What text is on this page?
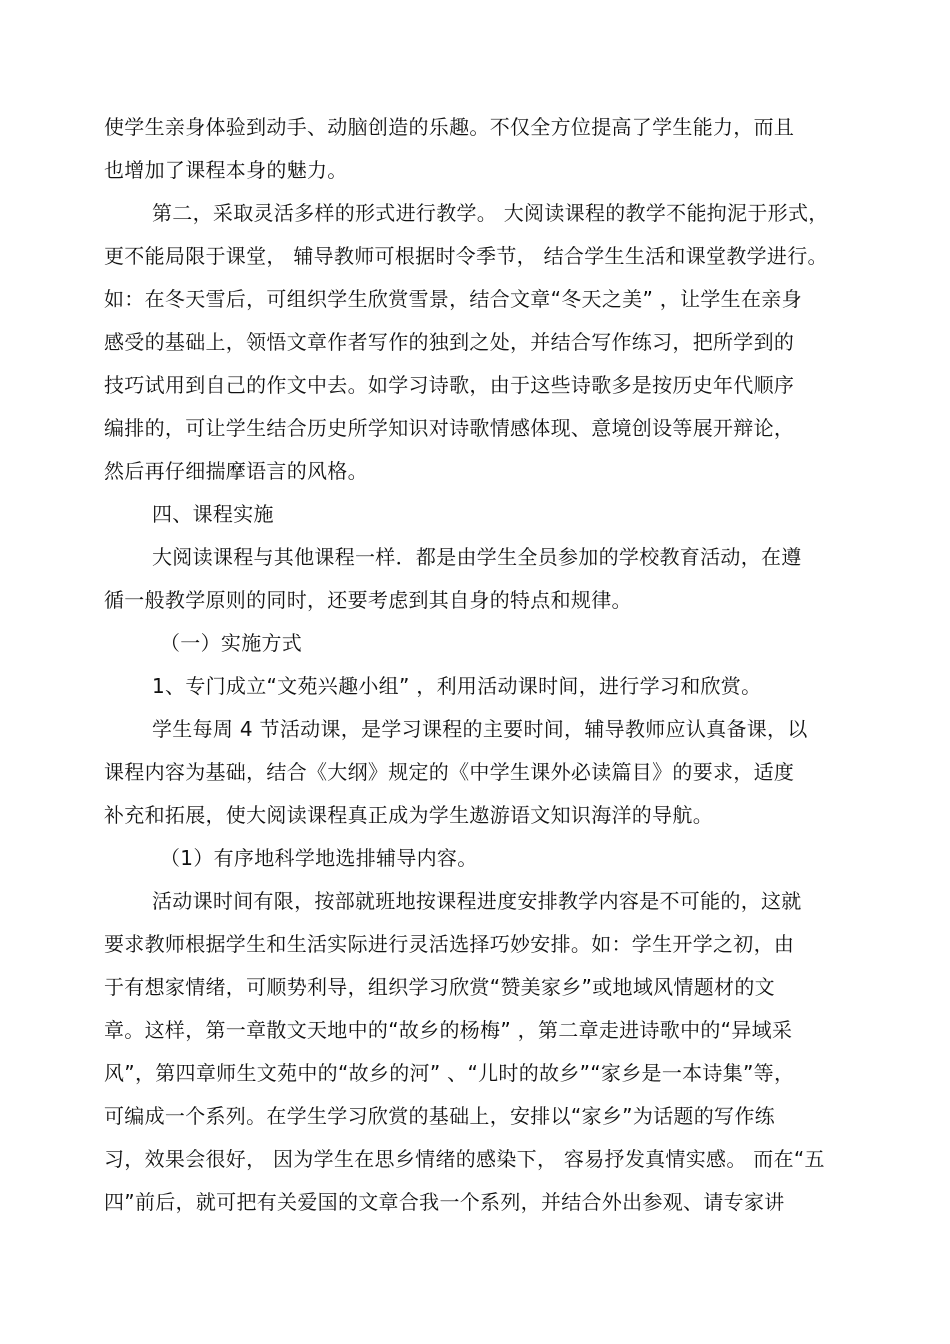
使学生亲身体验到动手、动脑创造的乐趣。不仅全方位提高了学生能力，而且
也增加了课程本身的魅力。
第二，采取灵活多样的形式进行教学。 大阅读课程的教学不能拘泥于形式，
更不能局限于课堂， 辅导教师可根据时令季节， 结合学生生活和课堂教学进行。
如：在冬天雪后，可组织学生欣赏雪景，结合文章“冬天之美” ，让学生在亲身
感受的基础上，领悟文章作者写作的独到之处，并结合写作练习，把所学到的
技巧试用到自己的作文中去。如学习诗歌，由于这些诗歌多是按历史年代顺序
编排的，可让学生结合历史所学知识对诗歌情感体现、意境创设等展开辩论，
然后再仔细揣摩语言的风格。
四、课程实施
大阅读课程与其他课程一样．都是由学生全员参加的学校教育活动，在遵
循一般教学原则的同时，还要考虑到其自身的特点和规律。
（一）实施方式
1、专门成立“文苑兴趣小组” ，利用活动课时间，进行学习和欣赏。
学生每周 4 节活动课，是学习课程的主要时间，辅导教师应认真备课，以
课程内容为基础，结合《大纲》规定的《中学生课外必读篇目》的要求，适度
补充和拓展，使大阅读课程真正成为学生遨游语文知识海洋的导航。
（1）有序地科学地选排辅导内容。
活动课时间有限，按部就班地按课程进度安排教学内容是不可能的，这就
要求教师根据学生和生活实际进行灵活选择巧妙安排。如：学生开学之初，由
于有想家情绪，可顺势利导，组织学习欣赏“赞美家乡”或地域风情题材的文
章。这样，第一章散文天地中的“故乡的杨梅” ，第二章走进诗歌中的“异域采
风”，第四章师生文苑中的“故乡的河” 、“儿时的故乡”“家乡是一本诗集”等，
可编成一个系列。在学生学习欣赏的基础上，安排以“家乡”为话题的写作练
习，效果会很好， 因为学生在思乡情绪的感染下， 容易抒发真情实感。 而在“五
四”前后，就可把有关爱国的文章合我一个系列，并结合外出参观、请专家讲
